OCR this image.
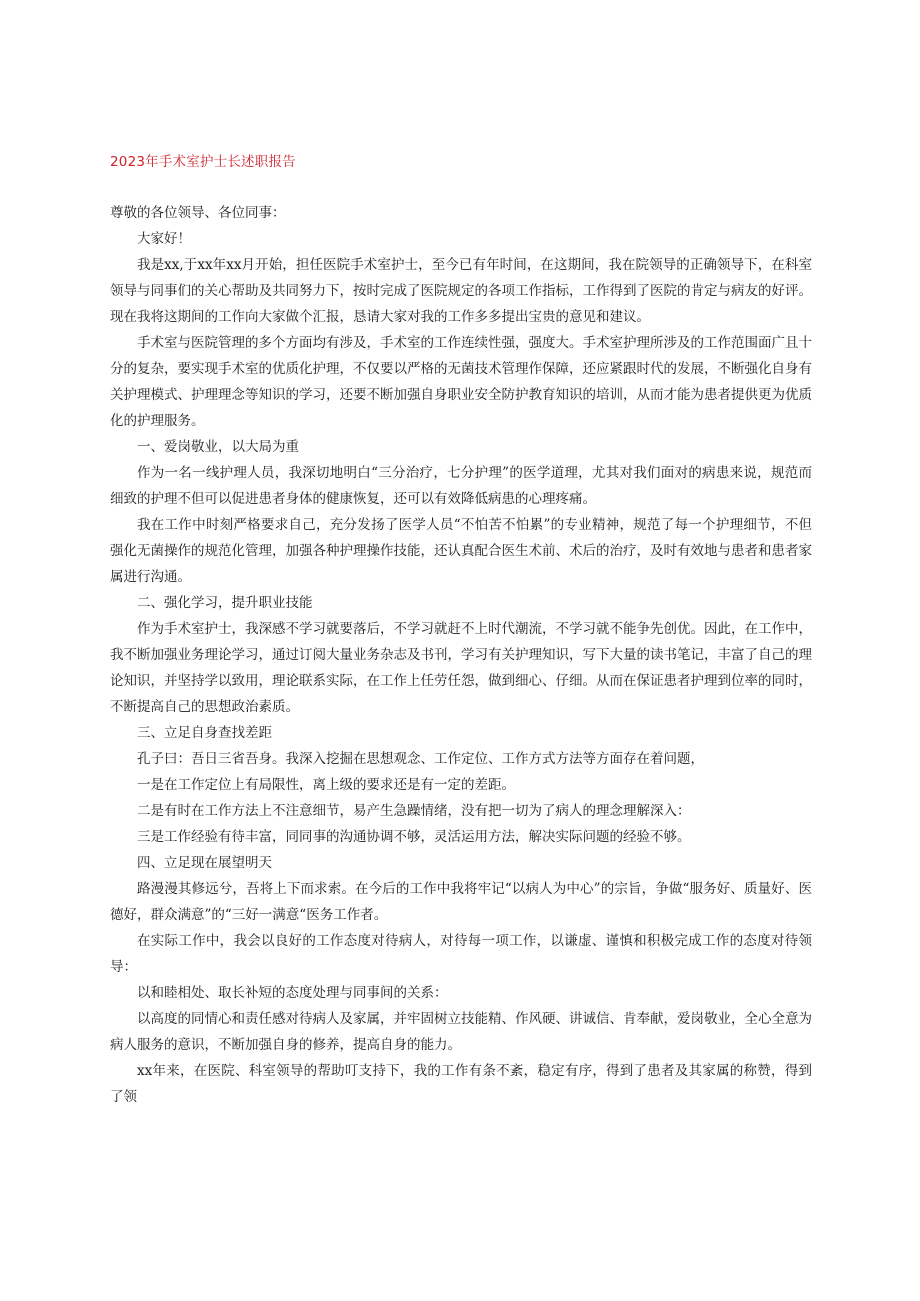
2023年手术室护士长述职报告

尊敬的各位领导、各位同事：

大家好！

我是xx,于xx年xx月开始，担任医院手术室护士，至今已有年时间，在这期间，我在院领导的正确领导下，在科室领导与同事们的关心帮助及共同努力下，按时完成了医院规定的各项工作指标，工作得到了医院的肯定与病友的好评。现在我将这期间的工作向大家做个汇报，恳请大家对我的工作多多提出宝贵的意见和建议。

手术室与医院管理的多个方面均有涉及，手术室的工作连续性强，强度大。手术室护理所涉及的工作范围面广且十分的复杂，要实现手术室的优质化护理，不仅要以严格的无菌技术管理作保障，还应紧跟时代的发展，不断强化自身有关护理模式、护理理念等知识的学习，还要不断加强自身职业安全防护教育知识的培训，从而才能为患者提供更为优质化的护理服务。

一、爱岗敬业，以大局为重

作为一名一线护理人员，我深切地明白“三分治疗，七分护理”的医学道理，尤其对我们面对的病患来说，规范而细致的护理不但可以促进患者身体的健康恢复，还可以有效降低病患的心理疼痛。

我在工作中时刻严格要求自己，充分发扬了医学人员“不怕苦不怕累”的专业精神，规范了每一个护理细节，不但强化无菌操作的规范化管理，加强各种护理操作技能，还认真配合医生术前、术后的治疗，及时有效地与患者和患者家属进行沟通。

二、强化学习，提升职业技能

作为手术室护士，我深感不学习就要落后，不学习就赶不上时代潮流，不学习就不能争先创优。因此，在工作中，我不断加强业务理论学习，通过订阅大量业务杂志及书刊，学习有关护理知识，写下大量的读书笔记，丰富了自己的理论知识，并坚持学以致用，理论联系实际，在工作上任劳任怨，做到细心、仔细。从而在保证患者护理到位率的同时，不断提高自己的思想政治素质。

三、立足自身查找差距

孔子曰：吾日三省吾身。我深入挖掘在思想观念、工作定位、工作方式方法等方面存在着问题，

一是在工作定位上有局限性，离上级的要求还是有一定的差距。

二是有时在工作方法上不注意细节，易产生急躁情绪，没有把一切为了病人的理念理解深入：

三是工作经验有待丰富，同同事的沟通协调不够，灵活运用方法，解决实际问题的经验不够。

四、立足现在展望明天

路漫漫其修远兮，吾将上下而求索。在今后的工作中我将牢记“以病人为中心”的宗旨，争做“服务好、质量好、医德好，群众满意”的“三好一满意“医务工作者。

在实际工作中，我会以良好的工作态度对待病人，对待每一项工作，以谦虚、谨慎和积极完成工作的态度对待领导：

以和睦相处、取长补短的态度处理与同事间的关系：

以高度的同情心和责任感对待病人及家属，并牢固树立技能精、作风硬、讲诚信、肯奉献，爱岗敬业，全心全意为病人服务的意识，不断加强自身的修养，提高自身的能力。

xx年来，在医院、科室领导的帮助叮支持下，我的工作有条不紊，稳定有序，得到了患者及其家属的称赞，得到了领
